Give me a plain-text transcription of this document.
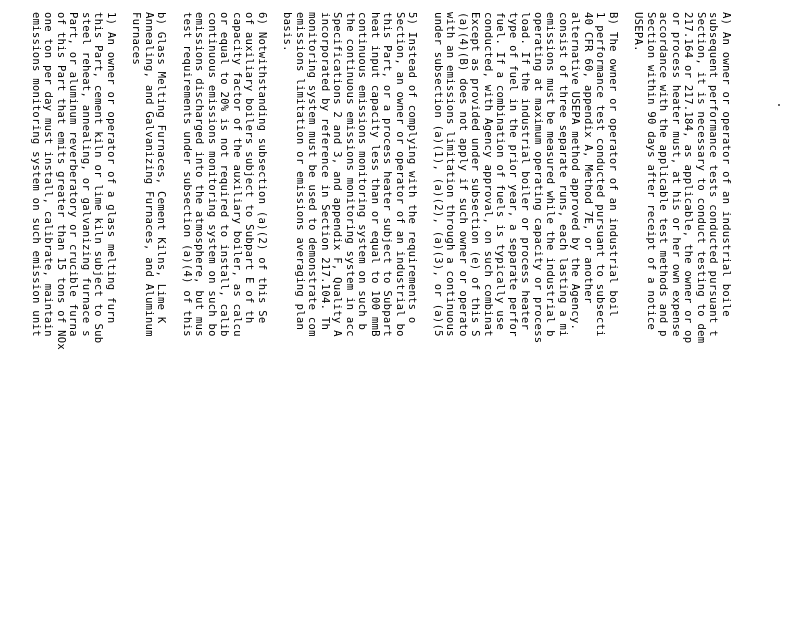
A) An owner or operator of an industrial boile
subsequent performance tests conducted pursuant t
Section, it is necessary to conduct testing to dem
217.164 or 217.184, as applicable, the owner or op
or process heater must, at his or her own expense
accordance with the applicable test methods and p
Section within 90 days after receipt of a notice
USEPA.
B) The owner or operator of an industrial boil
1 performance test conducted pursuant to subsecti
40 CFR 60, appendix A, Method 7E, or another
alternative USEPA method approved by the Agency.
consist of three separate runs, each lasting a mi
emissions must be measured while the industrial b
operating at maximum operating capacity or process
load. If the industrial boiler or process heater
type of fuel in the prior year, a separate perfor
fuel. If a combination of fuels is typically use
conducted, with Agency approval, on such combinat
Except as provided under subsection (e) of this S
(a)(4)(B) does not apply if such owner or operato
with an emissions limitation through a continuous
under subsection (a)(1), (a)(2), (a)(3), or (a)(5
5) Instead of complying with the requirements o
Section, an owner or operator of an industrial bo
this Part, or a process heater subject to Subpart
heat input capacity less than or equal to 100 mmB
continuous emissions monitoring system on such b
the continuous emissions monitoring system in acc
Specifications 2 and 3, and appendix F, Quality A
incorporated by reference in Section 217.104. Th
monitoring system must be used to demonstrate com
emissions limitation or emissions averaging plan
basis.
6) Notwithstanding subsection (a)(2) of this Se
of auxiliary boilers subject to Subpart E of th
capacity factor of the auxiliary boiler, as calcu
or equal to 20% is not required to install, calib
continuous emissions monitoring system on such bo
emissions discharged into the atmosphere, but mus
test requirements under subsection (a)(4) of this
b) Glass Melting Furnaces, Cement Kilns, Lime K
Annealing, and Galvanizing Furnaces, and Aluminum
Furnaces
1) An owner or operator of a glass melting furn
this Part, cement kiln or lime kiln subject to Sub
steel reheat, annealing, or galvanizing furnace s
Part, or aluminum reverberatory or crucible furna
of this Part that emits greater than 15 tons of NOx
one ton per day must install, calibrate, maintain
emissions monitoring system on such emission unit
